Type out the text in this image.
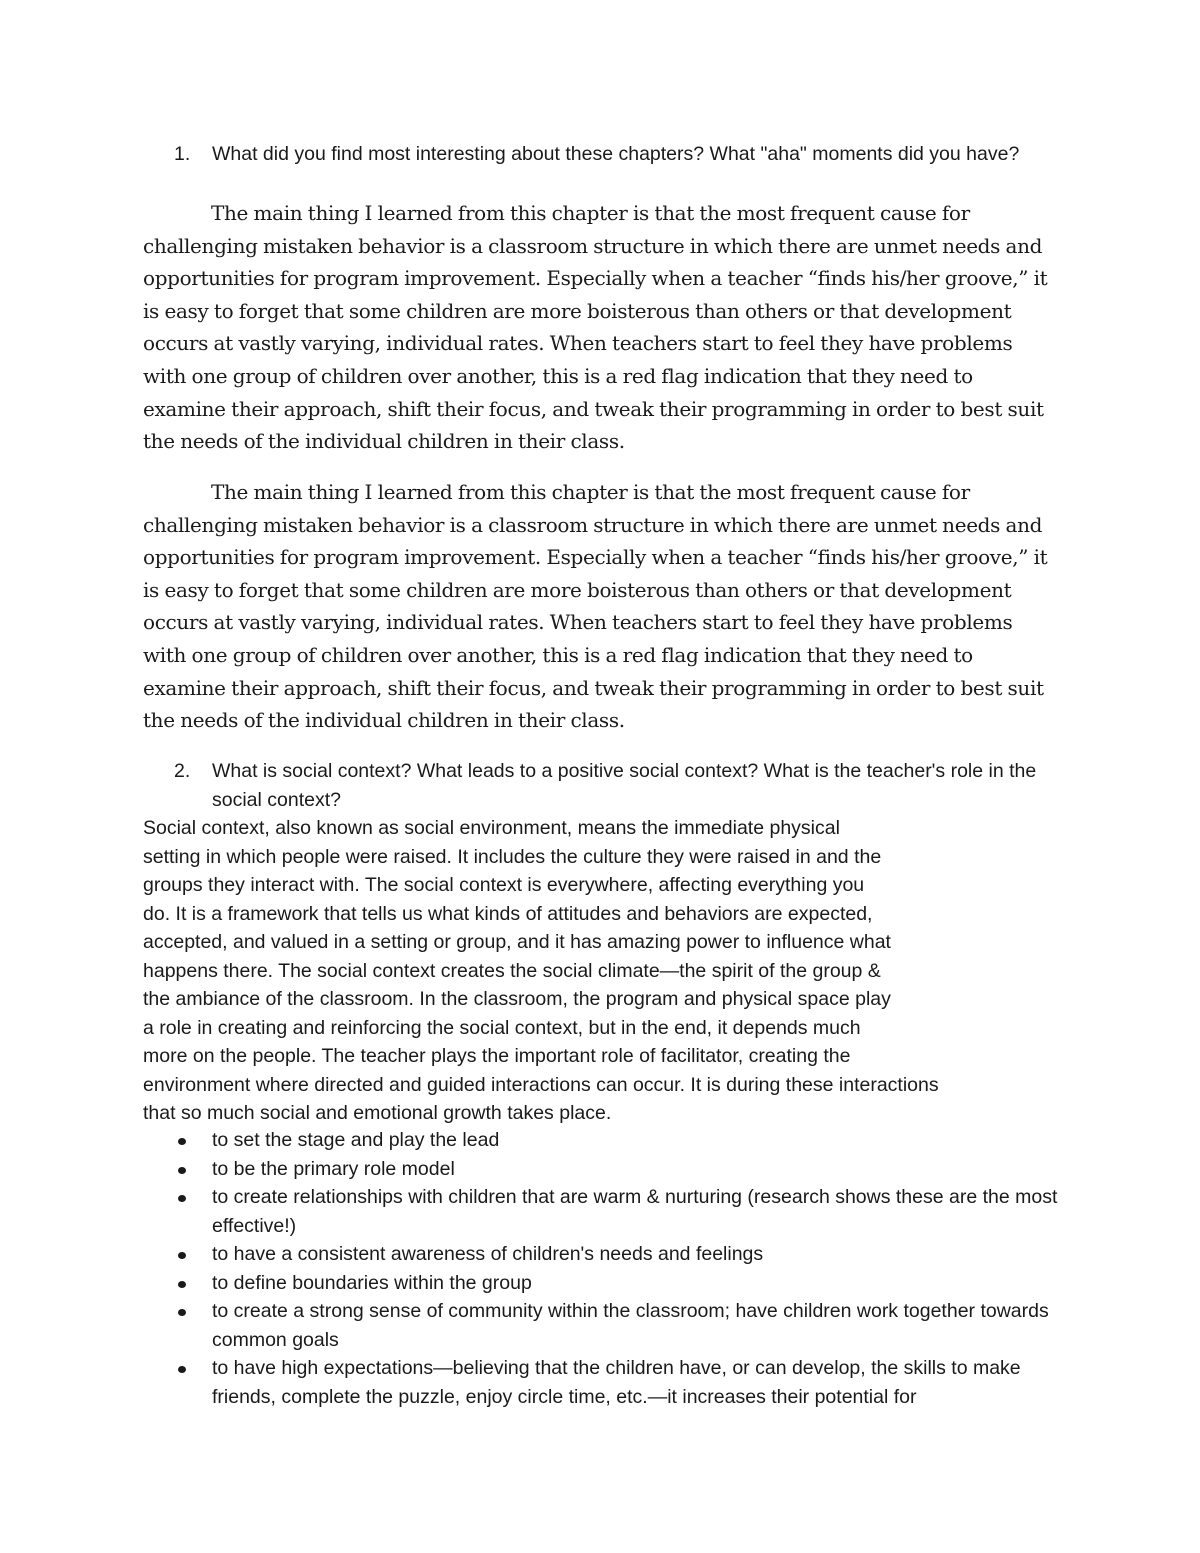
1. What did you find most interesting about these chapters? What "aha" moments did you have?

The main thing I learned from this chapter is that the most frequent cause for challenging mistaken behavior is a classroom structure in which there are unmet needs and opportunities for program improvement. Especially when a teacher “finds his/her groove,” it is easy to forget that some children are more boisterous than others or that development occurs at vastly varying, individual rates. When teachers start to feel they have problems with one group of children over another, this is a red flag indication that they need to examine their approach, shift their focus, and tweak their programming in order to best suit the needs of the individual children in their class.

The main thing I learned from this chapter is that the most frequent cause for challenging mistaken behavior is a classroom structure in which there are unmet needs and opportunities for program improvement. Especially when a teacher “finds his/her groove,” it is easy to forget that some children are more boisterous than others or that development occurs at vastly varying, individual rates. When teachers start to feel they have problems with one group of children over another, this is a red flag indication that they need to examine their approach, shift their focus, and tweak their programming in order to best suit the needs of the individual children in their class.

2. What is social context? What leads to a positive social context? What is the teacher's role in the social context?
Social context, also known as social environment, means the immediate physical
setting in which people were raised. It includes the culture they were raised in and the
groups they interact with. The social context is everywhere, affecting everything you
do. It is a framework that tells us what kinds of attitudes and behaviors are expected,
accepted, and valued in a setting or group, and it has amazing power to influence what
happens there. The social context creates the social climate—the spirit of the group &
the ambiance of the classroom. In the classroom, the program and physical space play
a role in creating and reinforcing the social context, but in the end, it depends much
more on the people. The teacher plays the important role of facilitator, creating the
environment where directed and guided interactions can occur. It is during these interactions
that so much social and emotional growth takes place.
to set the stage and play the lead
to be the primary role model
to create relationships with children that are warm & nurturing (research shows these are the most effective!)
to have a consistent awareness of children's needs and feelings
to define boundaries within the group
to create a strong sense of community within the classroom; have children work together towards common goals
to have high expectations—believing that the children have, or can develop, the skills to make friends, complete the puzzle, enjoy circle time, etc.—it increases their potential for
